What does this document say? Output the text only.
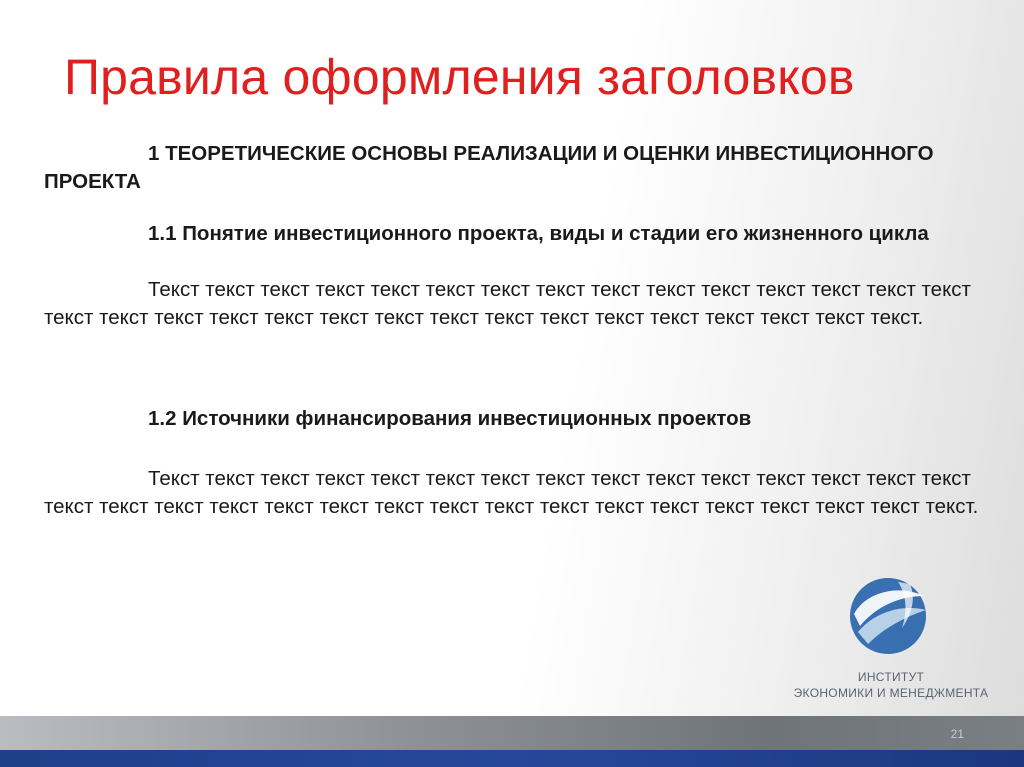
Правила оформления заголовков

1 ТЕОРЕТИЧЕСКИЕ ОСНОВЫ РЕАЛИЗАЦИИ И ОЦЕНКИ ИНВЕСТИЦИОННОГО ПРОЕКТА

1.1 Понятие инвестиционного проекта, виды и стадии его жизненного цикла

Текст текст текст текст текст текст текст текст текст текст текст текст текст текст текст текст текст текст текст текст текст текст текст текст текст текст текст текст текст текст текст.

1.2 Источники финансирования инвестиционных проектов

Текст текст текст текст текст текст текст текст текст текст текст текст текст текст текст текст текст текст текст текст текст текст текст текст текст текст текст текст текст текст текст текст.

ИНСТИТУТ
ЭКОНОМИКИ И МЕНЕДЖМЕНТА
21
